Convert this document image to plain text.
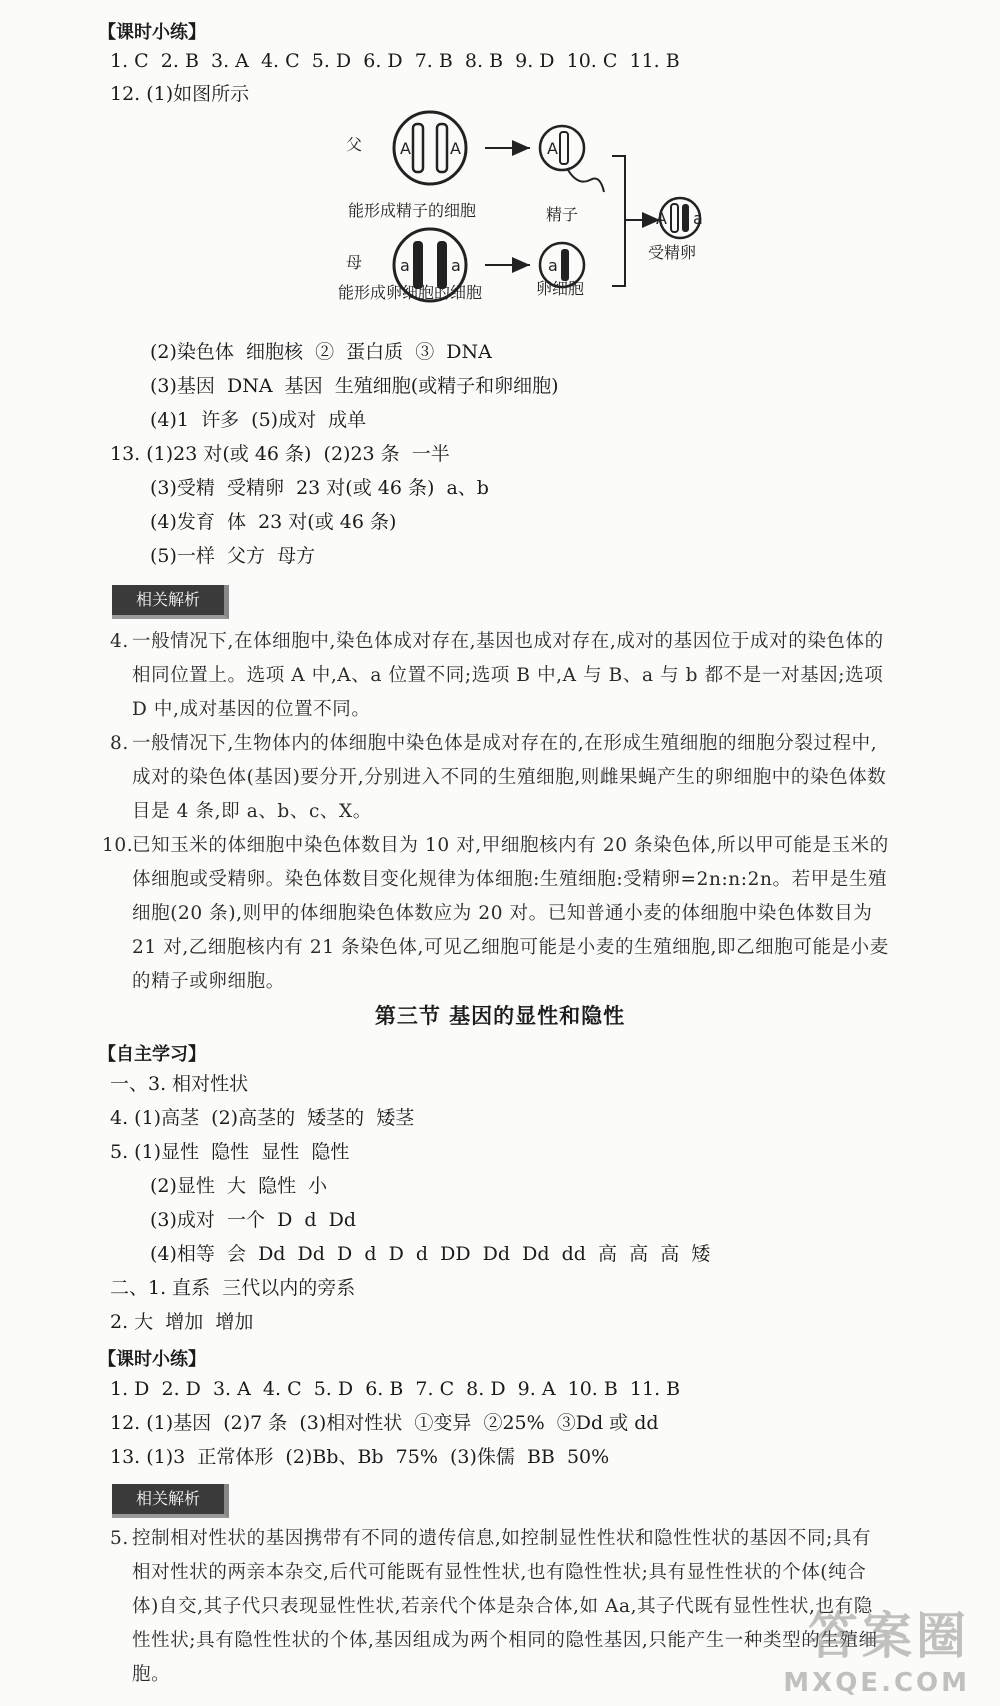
【课时小练】
1. C  2. B  3. A  4. C  5. D  6. D  7. B  8. B  9. D  10. C  11. B
12. (1)如图所示
父 A A	A
能形成精子的细胞	精子	A a
受精卵
母 a	a	a
能形成卵细胞的细胞	卵细胞
(2)染色体  细胞核  ②  蛋白质  ③  DNA
(3)基因  DNA  基因  生殖细胞(或精子和卵细胞)
(4)1  许多  (5)成对  成单
13. (1)23 对(或 46 条)  (2)23 条  一半
(3)受精  受精卵  23 对(或 46 条)  a、b
(4)发育  体  23 对(或 46 条)
(5)一样  父方  母方
相关解析
4. 一般情况下,在体细胞中,染色体成对存在,基因也成对存在,成对的基因位于成对的染色体的相同位置上。选项 A 中,A、a 位置不同;选项 B 中,A 与 B、a 与 b 都不是一对基因;选项 D 中,成对基因的位置不同。
8. 一般情况下,生物体内的体细胞中染色体是成对存在的,在形成生殖细胞的细胞分裂过程中,成对的染色体(基因)要分开,分别进入不同的生殖细胞,则雌果蝇产生的卵细胞中的染色体数目是 4 条,即 a、b、c、X。
10.
已知玉米的体细胞中染色体数目为 10 对,甲细胞核内有 20 条染色体,所以甲可能是玉米的体细胞或受精卵。染色体数目变化规律为体细胞:生殖细胞:受精卵=2n:n:2n。若甲是生殖细胞(20 条),则甲的体细胞染色体数应为 20 对。已知普通小麦的体细胞中染色体数目为 21 对,乙细胞核内有 21 条染色体,可见乙细胞可能是小麦的生殖细胞,即乙细胞可能是小麦的精子或卵细胞。
第三节 基因的显性和隐性
【自主学习】
一、3. 相对性状
4. (1)高茎  (2)高茎的  矮茎的  矮茎
5. (1)显性  隐性  显性  隐性
(2)显性  大  隐性  小
(3)成对  一个  D  d  Dd
(4)相等  会  Dd  Dd  D  d  D  d  DD  Dd  Dd  dd  高  高  高  矮
二、1. 直系  三代以内的旁系
2. 大  增加  增加
【课时小练】
1. D  2. D  3. A  4. C  5. D  6. B  7. C  8. D  9. A  10. B  11. B
12. (1)基因  (2)7 条  (3)相对性状  ①变异  ②25%  ③Dd 或 dd
13. (1)3  正常体形  (2)Bb、Bb  75%  (3)侏儒  BB  50%
相关解析
5. 控制相对性状的基因携带有不同的遗传信息,如控制显性性状和隐性性状的基因不同;具有相对性状的两亲本杂交,后代可能既有显性性状,也有隐性性状;具有显性性状的个体(纯合体)自交,其子代只表现显性性状,若亲代个体是杂合体,如 Aa,其子代既有显性性状,也有隐性性状;具有隐性性状的个体,基因组成为两个相同的隐性基因,只能产生一种类型的生殖细胞。
答案圈
MXQE.COM
